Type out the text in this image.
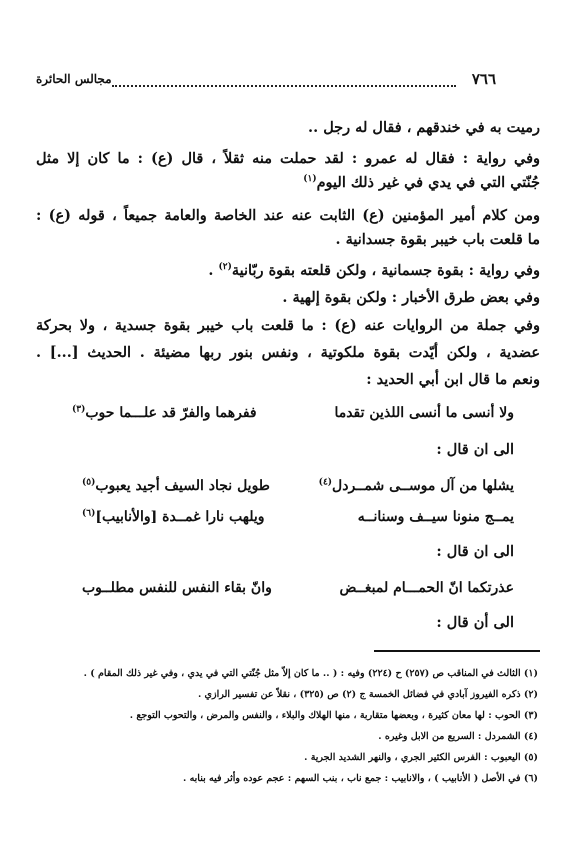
٧٦٦
مجالس الحائرة
رميت به في خندقهم ، فقال له رجل ..
وفي رواية : فقال له عمرو : لقد حملت منه ثقلاً ، قال (ع) : ما كان إلا مثل
جُنّتي التي في يدي في غير ذلك اليوم$^{(١)}$
ومن كلام أمير المؤمنين (ع) الثابت عنه عند الخاصة والعامة جميعاً ، قوله (ع) :
ما قلعت باب خيبر بقوة جسدانية .
وفي رواية : بقوة جسمانية ، ولكن قلعته بقوة ربّانية$^{(٢)}$ .
وفي بعض طرق الأخبار : ولكن بقوة إلهية .
وفي جملة من الروايات عنه (ع) : ما قلعت باب خيبر بقوة جسدية ، ولا بحركة
عضدية ، ولكن أيّدت بقوة ملكوتية ، ونفس بنور ربها مضيئة . الحديث [...] .
ونعم ما قال ابن أبي الحديد :
ولا أنسى ما أنسى اللذين تقدما
ففرهما والفرّ قد علـــما حوب$^{(٣)}$
الى ان قال :
يشلها من آل موســى شمــردل$^{(٤)}$
طويل نجاد السيف أجيد يعبوب$^{(٥)}$
يمــج منونا سيــف وسنانــه
ويلهب نارا غمــدة [والأنابيب]$^{(٦)}$
الى ان قال :
عذرتكما انّ الحمـــام لمبغــض
وانّ بقاء النفس للنفس مطلــوب
الى أن قال :
(١) الثالث في المناقب ص (٢٥٧) ح (٢٢٤) وفيه : ( .. ما كان إلاّ مثل جُنّتي التي في يدي ، وفي غير ذلك المقام ) .
(٢) ذكره الفيروز آبادي في فضائل الخمسة ج (٢) ص (٣٢٥) ، نقلاً عن تفسير الرازي .
(٣) الحوب : لها معان كثيرة ، وبعضها متقاربة ، منها الهلاك والبلاء ، والنفس والمرض ، والتحوب التوجع .
(٤) الشمردل : السريع من الابل وغيره .
(٥) اليعبوب : الفرس الكثير الجري ، والنهر الشديد الجرية .
(٦) في الأصل ( الأنابيب ) ، والانابيب : جمع ناب ، بنب السهم : عجم عوده وأثر فيه بنابه .
